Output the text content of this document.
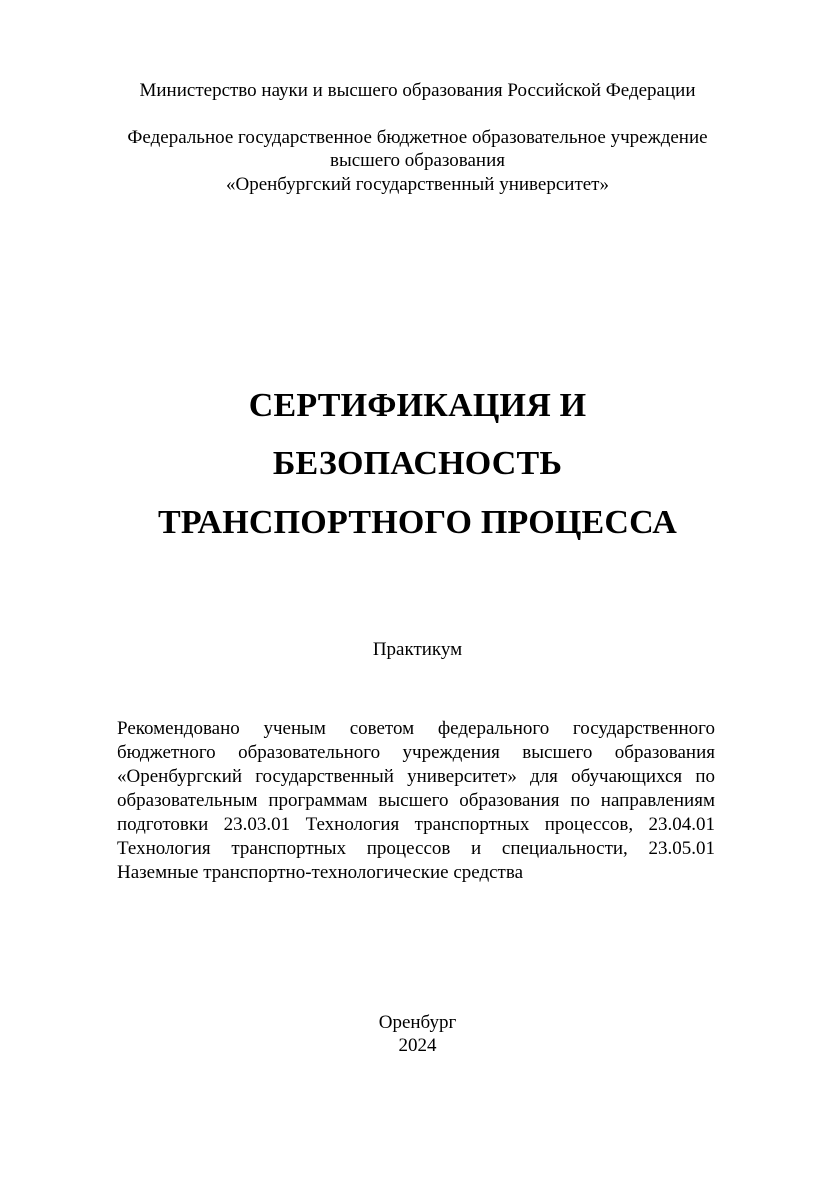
Министерство науки и высшего образования Российской Федерации
Федеральное государственное бюджетное образовательное учреждение
высшего образования
«Оренбургский государственный университет»
СЕРТИФИКАЦИЯ И
БЕЗОПАСНОСТЬ
ТРАНСПОРТНОГО ПРОЦЕССА
Практикум
Рекомендовано ученым советом федерального государственного
бюджетного образовательного учреждения высшего образования
«Оренбургский государственный университет» для обучающихся по
образовательным программам высшего образования по направлениям
подготовки 23.03.01 Технология транспортных процессов, 23.04.01
Технология транспортных процессов и специальности, 23.05.01
Наземные транспортно-технологические средства
Оренбург
2024
